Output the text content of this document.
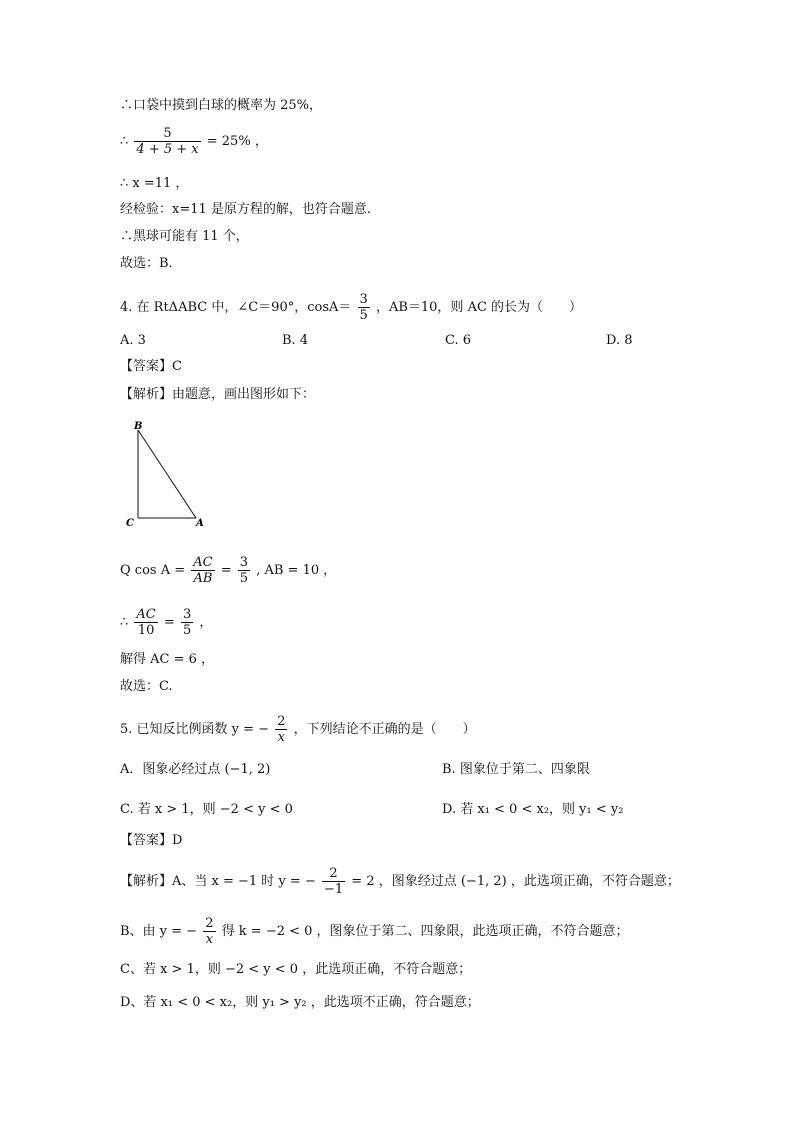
∴口袋中摸到白球的概率为 25%，
∴ $\frac{5}{4 + 5 + x} = 25\%$ ，
∴ x =11 ，
经检验：x=11 是原方程的解，也符合题意.
∴黑球可能有 11 个，
故选：B．
4. 在 RtΔABC 中，∠C＝90°，$\cos A= \frac{3}{5}$ ，AB＝10，则 AC 的长为（　　）
A. 3	B. 4	C. 6	D. 8
【答案】C
【解析】由题意，画出图形如下：
B
C	A
Q $\cos A = \frac{AC}{AB} = \frac{3}{5}$ , AB = 10 ，
∴ $\frac{AC}{10} = \frac{3}{5}$ ，
解得 AC = 6 ，
故选：C.
5. 已知反比例函数 y = − $\frac{2}{x}$ ，下列结论不正确的是（　　）
A．图象必经过点 (−1, 2)	B. 图象位于第二、四象限
C. 若 x > 1，则 −2 < y < 0	D. 若 x₁ < 0 < x₂，则 y₁ < y₂
【答案】D
【解析】A、当 x = −1 时 y = − $\frac{2}{-1} = 2$ ，图象经过点 (−1, 2) ，此选项正确，不符合题意；
B、由 y = − $\frac{2}{x}$ 得 k = −2 < 0 ，图象位于第二、四象限，此选项正确，不符合题意；
C、若 x > 1，则 −2 < y < 0 ，此选项正确，不符合题意；
D、若 x₁ < 0 < x₂，则 y₁ > y₂ ，此选项不正确，符合题意；
